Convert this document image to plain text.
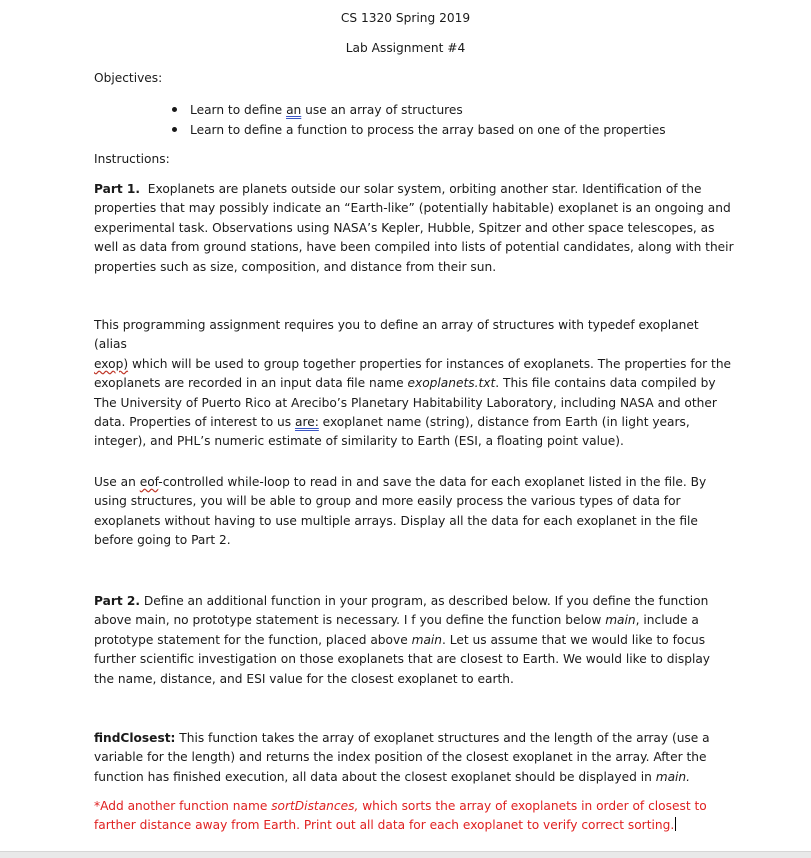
CS 1320 Spring 2019
Lab Assignment #4
Objectives:
Learn to define an use an array of structures
Learn to define a function to process the array based on one of the properties
Instructions:
Part 1. Exoplanets are planets outside our solar system, orbiting another star. Identification of the
properties that may possibly indicate an “Earth-like” (potentially habitable) exoplanet is an ongoing and
experimental task. Observations using NASA’s Kepler, Hubble, Spitzer and other space telescopes, as
well as data from ground stations, have been compiled into lists of potential candidates, along with their
properties such as size, composition, and distance from their sun.
This programming assignment requires you to define an array of structures with typedef exoplanet (alias
exop) which will be used to group together properties for instances of exoplanets. The properties for the
exoplanets are recorded in an input data file name exoplanets.txt. This file contains data compiled by
The University of Puerto Rico at Arecibo’s Planetary Habitability Laboratory, including NASA and other
data. Properties of interest to us are: exoplanet name (string), distance from Earth (in light years,
integer), and PHL’s numeric estimate of similarity to Earth (ESI, a floating point value).
Use an eof-controlled while-loop to read in and save the data for each exoplanet listed in the file. By
using structures, you will be able to group and more easily process the various types of data for
exoplanets without having to use multiple arrays. Display all the data for each exoplanet in the file
before going to Part 2.
Part 2. Define an additional function in your program, as described below. If you define the function
above main, no prototype statement is necessary. I f you define the function below main, include a
prototype statement for the function, placed above main. Let us assume that we would like to focus
further scientific investigation on those exoplanets that are closest to Earth. We would like to display
the name, distance, and ESI value for the closest exoplanet to earth.
findClosest: This function takes the array of exoplanet structures and the length of the array (use a
variable for the length) and returns the index position of the closest exoplanet in the array. After the
function has finished execution, all data about the closest exoplanet should be displayed in main.
*Add another function name sortDistances, which sorts the array of exoplanets in order of closest to
farther distance away from Earth. Print out all data for each exoplanet to verify correct sorting.
